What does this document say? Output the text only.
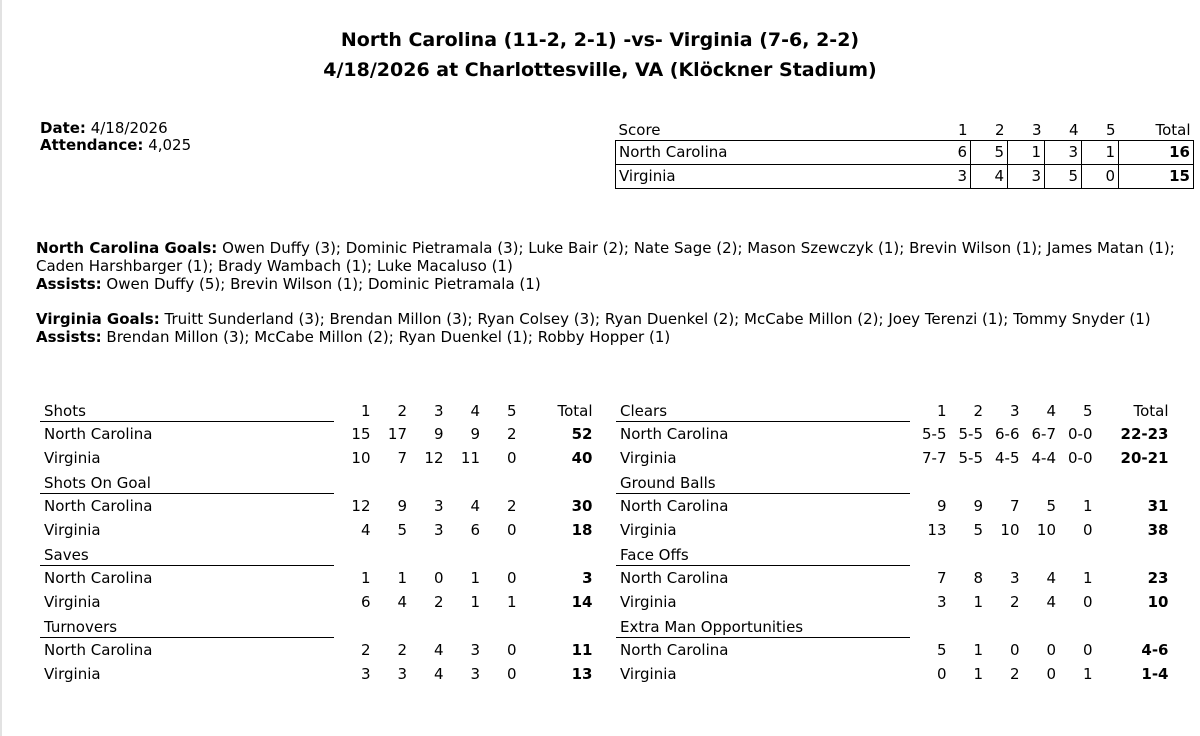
North Carolina (11-2, 2-1) -vs- Virginia (7-6, 2-2)
4/18/2026 at Charlottesville, VA (Klöckner Stadium)
Date: 4/18/2026
Attendance: 4,025
Score	1	2	3	4	5	Total
North Carolina	6	5	1	3	1	16
Virginia	3	4	3	5	0	15
North Carolina Goals: Owen Duffy (3); Dominic Pietramala (3); Luke Bair (2); Nate Sage (2); Mason Szewczyk (1); Brevin Wilson (1); James Matan (1); Caden Harshbarger (1); Brady Wambach (1); Luke Macaluso (1)
Assists: Owen Duffy (5); Brevin Wilson (1); Dominic Pietramala (1)
Virginia Goals: Truitt Sunderland (3); Brendan Millon (3); Ryan Colsey (3); Ryan Duenkel (2); McCabe Millon (2); Joey Terenzi (1); Tommy Snyder (1)
Assists: Brendan Millon (3); McCabe Millon (2); Ryan Duenkel (1); Robby Hopper (1)
Shots	1	2	3	4	5	Total
North Carolina	15	17	9	9	2	52
Virginia	10	7	12	11	0	40
Shots On Goal						
North Carolina	12	9	3	4	2	30
Virginia	4	5	3	6	0	18
Saves						
North Carolina	1	1	0	1	0	3
Virginia	6	4	2	1	1	14
Turnovers						
North Carolina	2	2	4	3	0	11
Virginia	3	3	4	3	0	13
Clears	1	2	3	4	5	Total
North Carolina	5-5	5-5	6-6	6-7	0-0	22-23
Virginia	7-7	5-5	4-5	4-4	0-0	20-21
Ground Balls						
North Carolina	9	9	7	5	1	31
Virginia	13	5	10	10	0	38
Face Offs						
North Carolina	7	8	3	4	1	23
Virginia	3	1	2	4	0	10
Extra Man Opportunities						
North Carolina	5	1	0	0	0	4-6
Virginia	0	1	2	0	1	1-4
